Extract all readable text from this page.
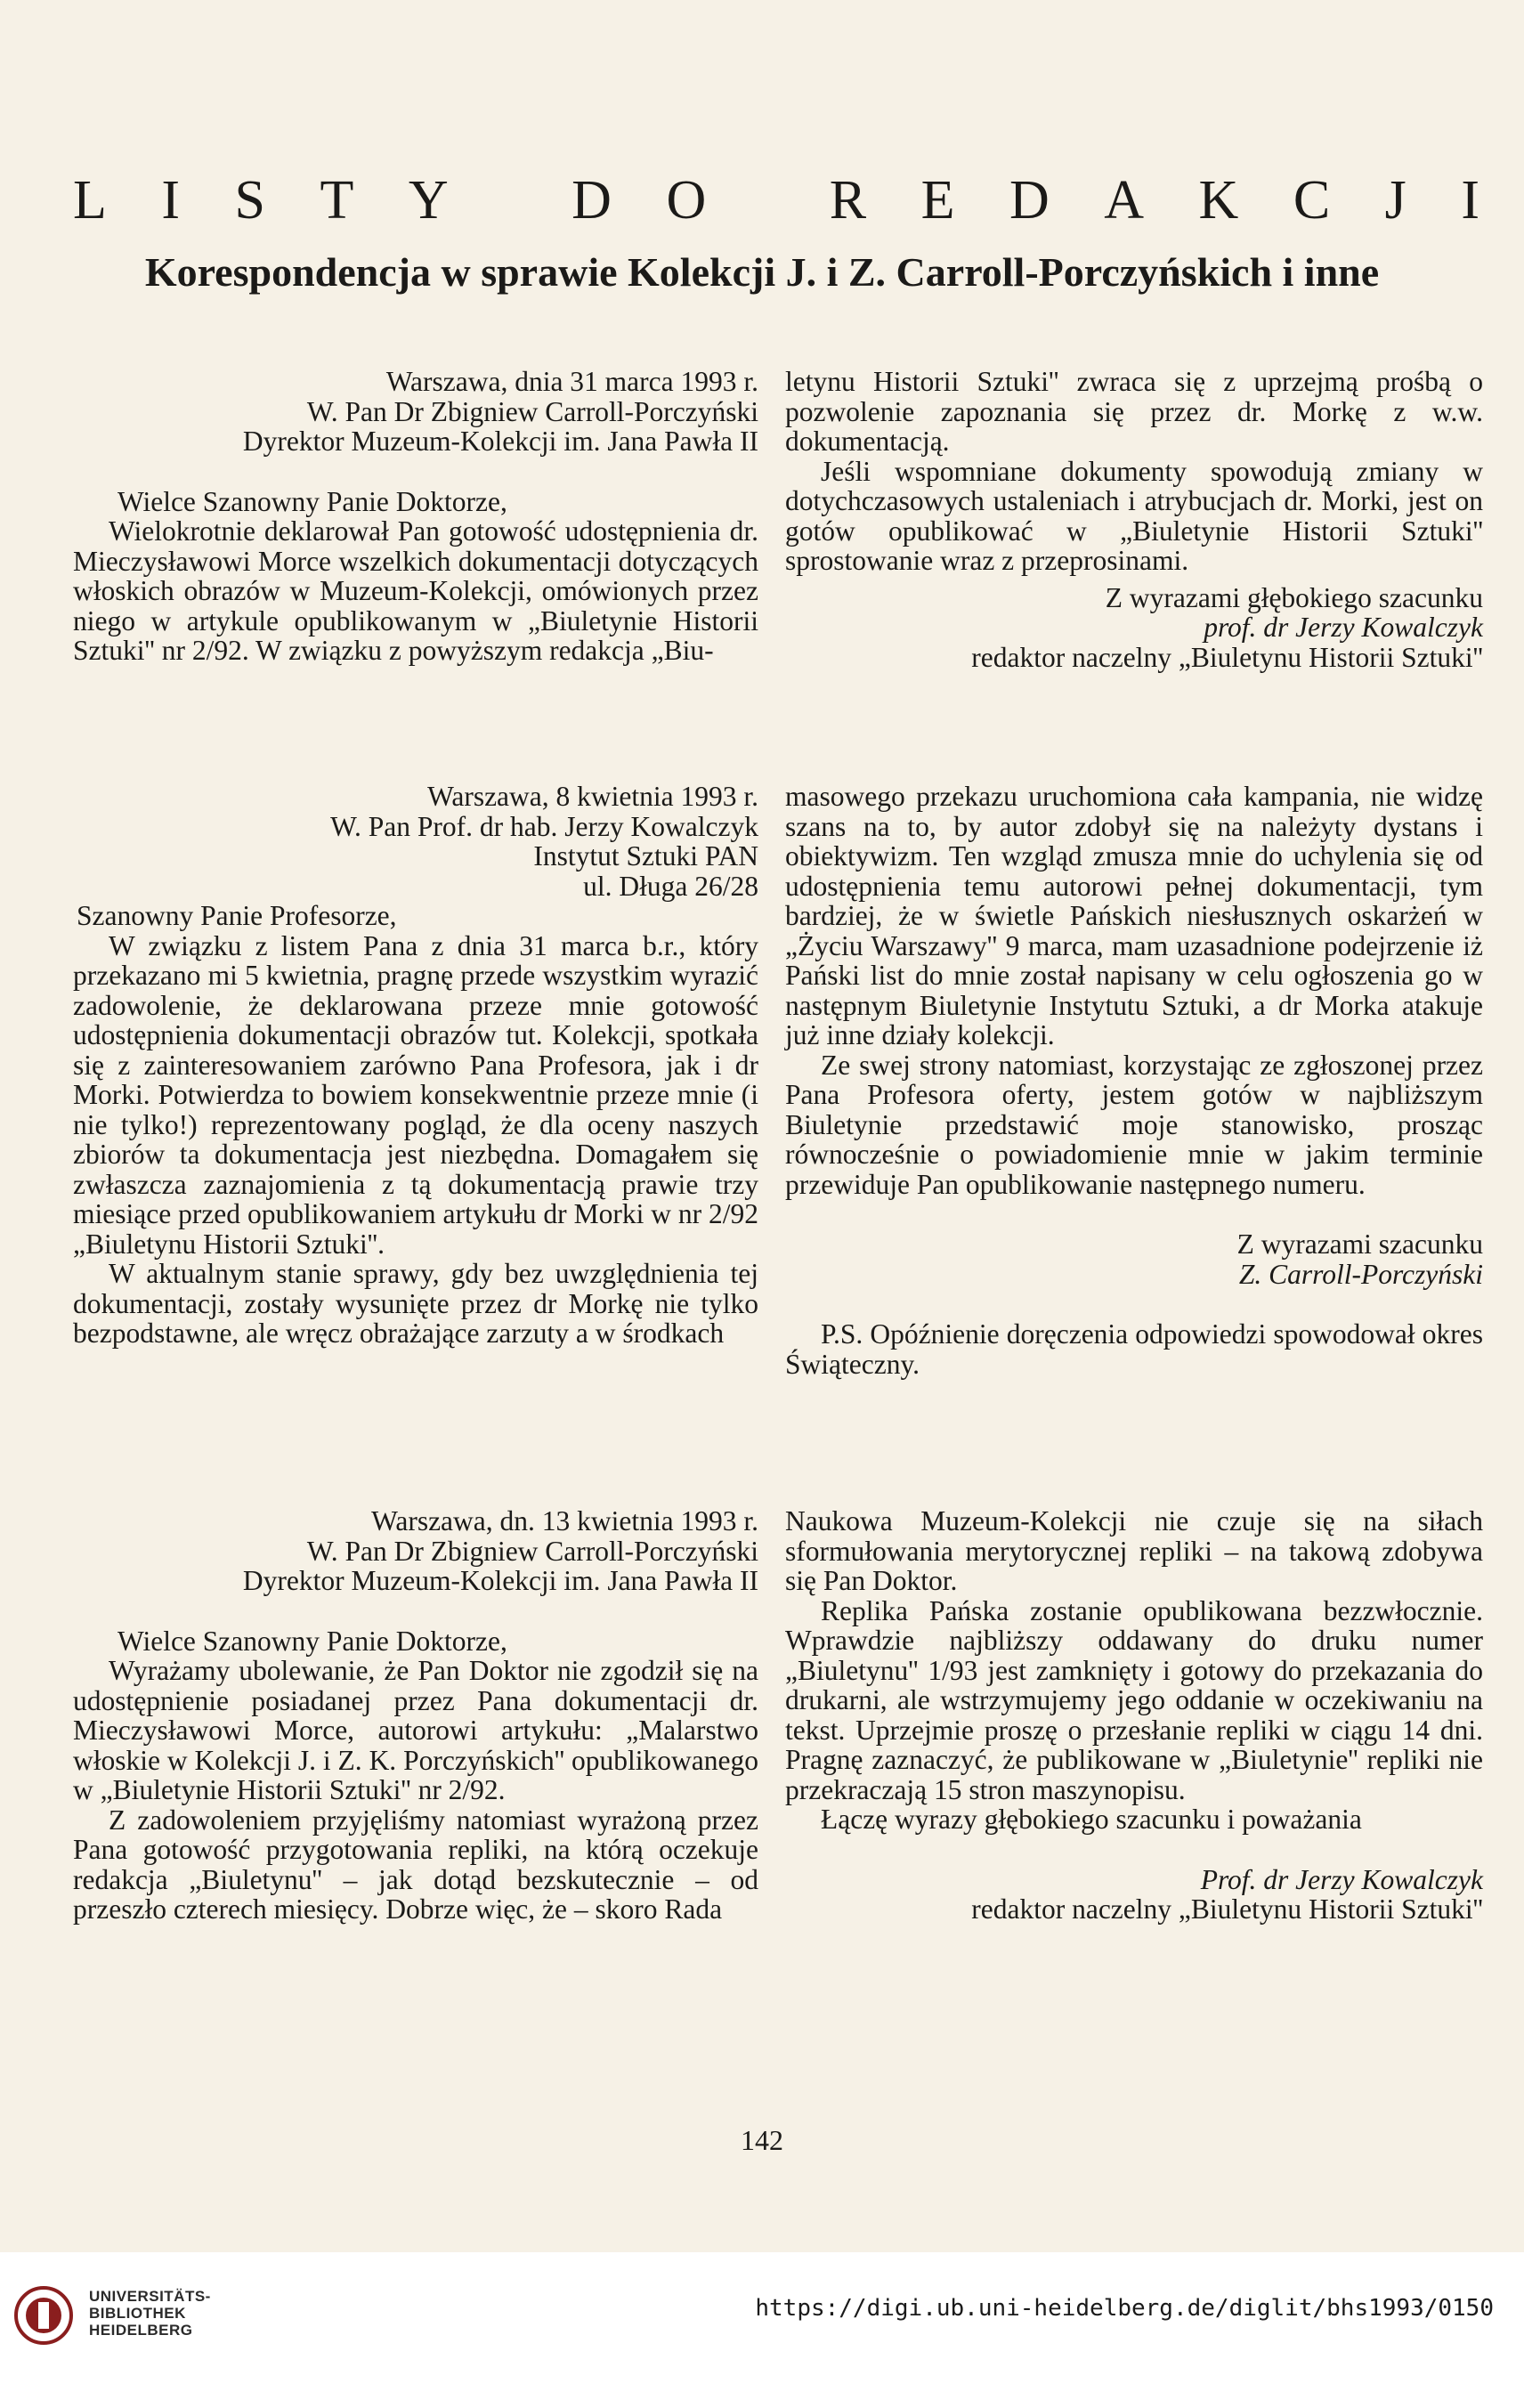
L I S T Y
D O
R E D A K C J I
Korespondencja w sprawie Kolekcji J. i Z. Carroll-Porczyńskich i inne

Warszawa, dnia 31 marca 1993 r.

W. Pan Dr Zbigniew Carroll-Porczyński

Dyrektor Muzeum-Kolekcji im. Jana Pawła II

Wielce Szanowny Panie Doktorze,

Wielokrotnie deklarował Pan gotowość udostępnienia dr. Mieczysławowi Morce wszelkich dokumentacji dotyczących włoskich obrazów w Muzeum-Kolekcji, omówionych przez niego w artykule opublikowanym w „Biuletynie Historii Sztuki'' nr 2/92. W związku z powyższym redakcja „Biu-

letynu Historii Sztuki'' zwraca się z uprzejmą prośbą o pozwolenie zapoznania się przez dr. Morkę z w.w. dokumentacją.

Jeśli wspomniane dokumenty spowodują zmiany w dotychczasowych ustaleniach i atrybucjach dr. Morki, jest on gotów opublikować w „Biuletynie Historii Sztuki'' sprostowanie wraz z przeprosinami.

Z wyrazami głębokiego szacunku

prof. dr Jerzy Kowalczyk

redaktor naczelny „Biuletynu Historii Sztuki''

Warszawa, 8 kwietnia 1993 r.

W. Pan Prof. dr hab. Jerzy Kowalczyk

Instytut Sztuki PAN

ul. Długa 26/28

Szanowny Panie Profesorze,

W związku z listem Pana z dnia 31 marca b.r., który przekazano mi 5 kwietnia, pragnę przede wszystkim wyrazić zadowolenie, że deklarowana przeze mnie gotowość udostępnienia dokumentacji obrazów tut. Kolekcji, spotkała się z zainteresowaniem zarówno Pana Profesora, jak i dr Morki. Potwierdza to bowiem konsekwentnie przeze mnie (i nie tylko!) reprezentowany pogląd, że dla oceny naszych zbiorów ta dokumentacja jest niezbędna. Domagałem się zwłaszcza zaznajomienia z tą dokumentacją prawie trzy miesiące przed opublikowaniem artykułu dr Morki w nr 2/92 „Biuletynu Historii Sztuki''.

W aktualnym stanie sprawy, gdy bez uwzględnienia tej dokumentacji, zostały wysunięte przez dr Morkę nie tylko bezpodstawne, ale wręcz obrażające zarzuty a w środkach

masowego przekazu uruchomiona cała kampania, nie widzę szans na to, by autor zdobył się na należyty dystans i obiektywizm. Ten wzgląd zmusza mnie do uchylenia się od udostępnienia temu autorowi pełnej dokumentacji, tym bardziej, że w świetle Pańskich niesłusznych oskarżeń w „Życiu Warszawy'' 9 marca, mam uzasadnione podejrzenie iż Pański list do mnie został napisany w celu ogłoszenia go w następnym Biuletynie Instytutu Sztuki, a dr Morka atakuje już inne działy kolekcji.

Ze swej strony natomiast, korzystając ze zgłoszonej przez Pana Profesora oferty, jestem gotów w najbliższym Biuletynie przedstawić moje stanowisko, prosząc równocześnie o powiadomienie mnie w jakim terminie przewiduje Pan opublikowanie następnego numeru.

Z wyrazami szacunku

Z. Carroll-Porczyński

P.S. Opóźnienie doręczenia odpowiedzi spowodował okres Świąteczny.

Warszawa, dn. 13 kwietnia 1993 r.

W. Pan Dr Zbigniew Carroll-Porczyński

Dyrektor Muzeum-Kolekcji im. Jana Pawła II

Wielce Szanowny Panie Doktorze,

Wyrażamy ubolewanie, że Pan Doktor nie zgodził się na udostępnienie posiadanej przez Pana dokumentacji dr. Mieczysławowi Morce, autorowi artykułu: „Malarstwo włoskie w Kolekcji J. i Z. K. Porczyńskich'' opublikowanego w „Biuletynie Historii Sztuki'' nr 2/92.

Z zadowoleniem przyjęliśmy natomiast wyrażoną przez Pana gotowość przygotowania repliki, na którą oczekuje redakcja „Biuletynu'' – jak dotąd bezskutecznie – od przeszło czterech miesięcy. Dobrze więc, że – skoro Rada

Naukowa Muzeum-Kolekcji nie czuje się na siłach sformułowania merytorycznej repliki – na takową zdobywa się Pan Doktor.

Replika Pańska zostanie opublikowana bezzwłocznie. Wprawdzie najbliższy oddawany do druku numer „Biuletynu'' 1/93 jest zamknięty i gotowy do przekazania do drukarni, ale wstrzymujemy jego oddanie w oczekiwaniu na tekst. Uprzejmie proszę o przesłanie repliki w ciągu 14 dni. Pragnę zaznaczyć, że publikowane w „Biuletynie'' repliki nie przekraczają 15 stron maszynopisu.

Łączę wyrazy głębokiego szacunku i poważania

Prof. dr Jerzy Kowalczyk

redaktor naczelny „Biuletynu Historii Sztuki''

142
UNIVERSITÄTS-
BIBLIOTHEK
HEIDELBERG
https://digi.ub.uni-heidelberg.de/diglit/bhs1993/0150
